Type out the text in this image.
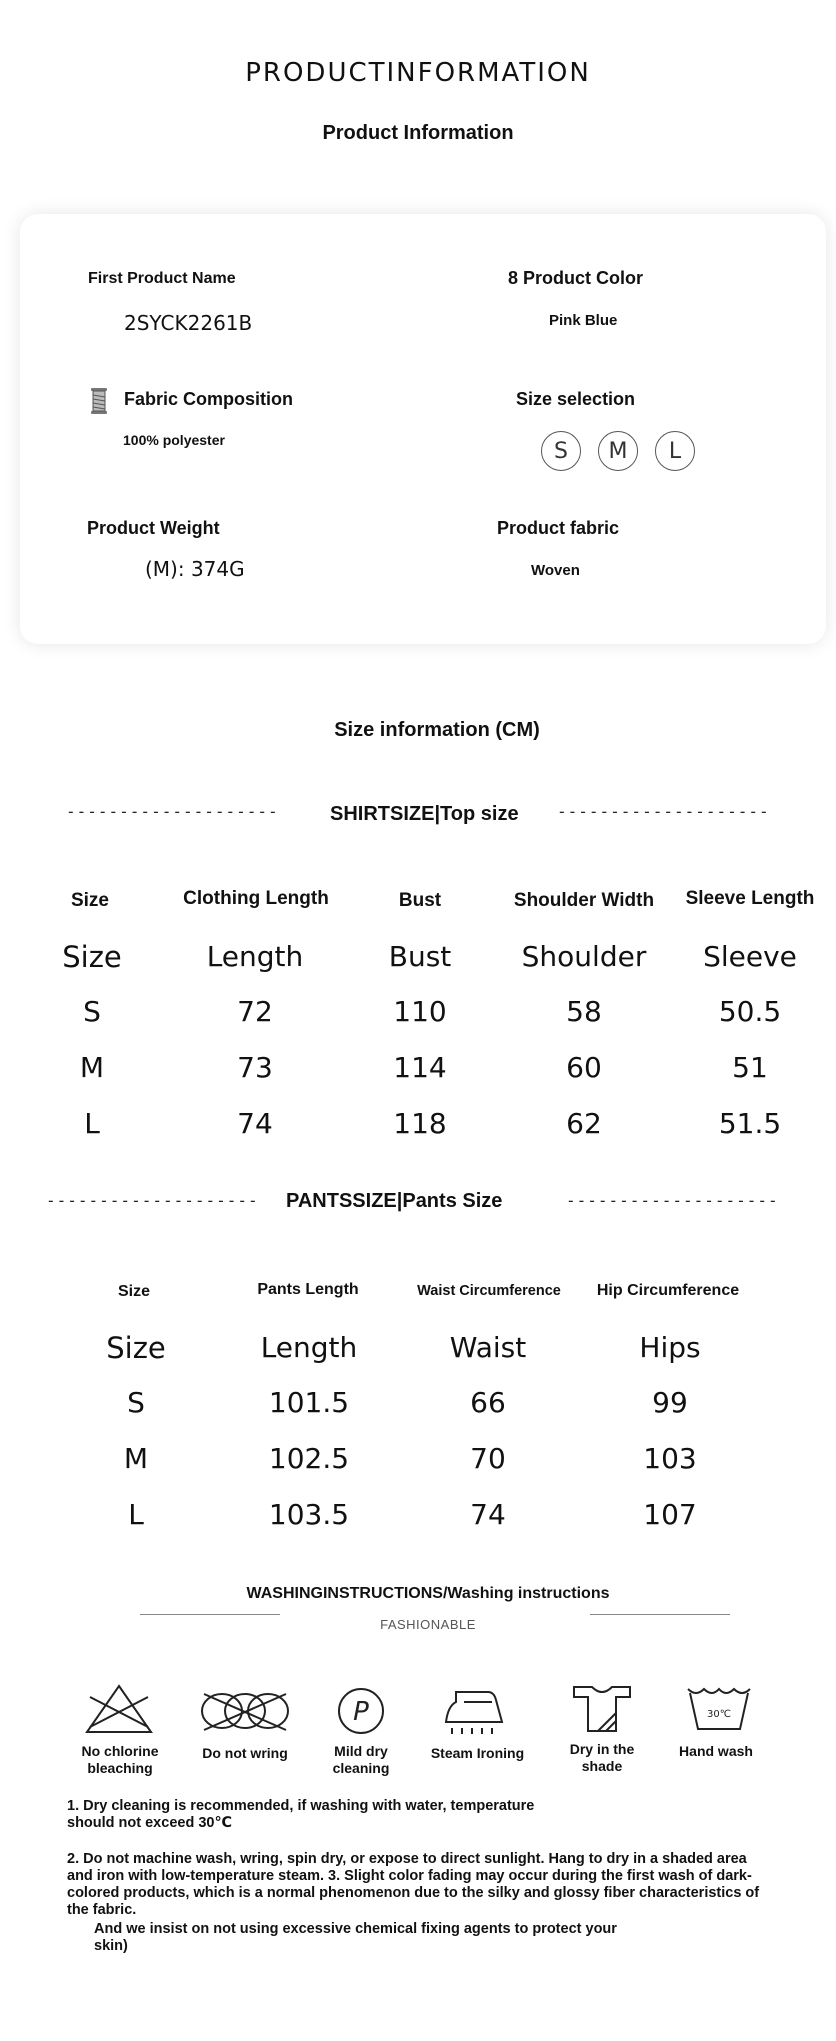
PRODUCTINFORMATION
Product Information
First Product Name
2SYCK2261B
8 Product Color
Pink Blue
Fabric Composition
100% polyester
Size selection
S	M	L
Product Weight
(M): 374G
Product fabric
Woven
Size information (CM)
--------------------	SHIRTSIZE|Top size --------------------
Size	Clothing Length	Bust	Shoulder Width	Sleeve Length
Size	Length	Bust	Shoulder	Sleeve
S	72	110	58	50.5
M	73	114	60	51
L	74	118	62	51.5
-------------------- PANTSSIZE|Pants Size	--------------------
Size	Pants Length	Waist Circumference	Hip Circumference
Size	Length	Waist	Hips
S	101.5	66	99
M	102.5	70	103
L	103.5	74	107
WASHINGINSTRUCTIONS/Washing instructions
FASHIONABLE
No chlorine bleaching
Do not wring
P
Mild dry cleaning
Steam Ironing	Dry in the shade
30℃
Hand wash
1. Dry cleaning is recommended, if washing with water, temperature should not exceed 30℃
2. Do not machine wash, wring, spin dry, or expose to direct sunlight. Hang to dry in a shaded area and iron with low-temperature steam. 3. Slight color fading may occur during the first wash of dark-colored products, which is a normal phenomenon due to the silky and glossy fiber characteristics of the fabric.
And we insist on not using excessive chemical fixing agents to protect your skin)
